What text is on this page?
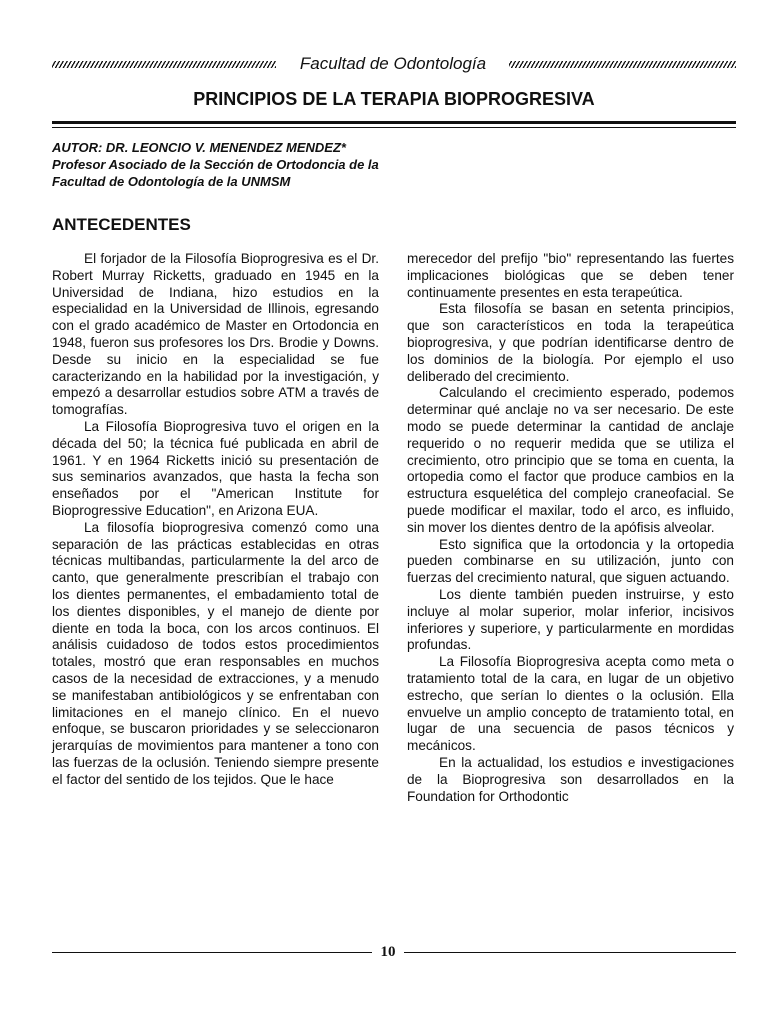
Facultad de Odontología
PRINCIPIOS DE LA TERAPIA BIOPROGRESIVA
AUTOR: DR. LEONCIO V. MENENDEZ MENDEZ*
Profesor Asociado de la Sección de Ortodoncia de la
Facultad de Odontología de la UNMSM
ANTECEDENTES

El forjador de la Filosofía Bioprogresiva es el Dr. Robert Murray Ricketts, graduado en 1945 en la Universidad de Indiana, hizo estudios en la especialidad en la Universidad de Illinois, egresando con el grado académico de Master en Ortodoncia en 1948, fueron sus profesores los Drs. Brodie y Downs. Desde su inicio en la especialidad se fue caracterizando en la habilidad por la investigación, y empezó a desarrollar estudios sobre ATM a través de tomografías.

La Filosofía Bioprogresiva tuvo el origen en la década del 50; la técnica fué publicada en abril de 1961. Y en 1964 Ricketts inició su presentación de sus seminarios avanzados, que hasta la fecha son enseñados por el "American Institute for Bioprogressive Education", en Arizona EUA.

La filosofía bioprogresiva comenzó como una separación de las prácticas establecidas en otras técnicas multibandas, particularmente la del arco de canto, que generalmente prescribían el trabajo con los dientes permanentes, el embadamiento total de los dientes disponibles, y el manejo de diente por diente en toda la boca, con los arcos continuos. El análisis cuidadoso de todos estos procedimientos totales, mostró que eran responsables en muchos casos de la necesidad de extracciones, y a menudo se manifestaban antibiológicos y se enfrentaban con limitaciones en el manejo clínico. En el nuevo enfoque, se buscaron prioridades y se seleccionaron jerarquías de movimientos para mantener a tono con las fuerzas de la oclusión. Teniendo siempre presente el factor del sentido de los tejidos. Que le hace

merecedor del prefijo "bio" representando las fuertes implicaciones biológicas que se deben tener continuamente presentes en esta terapeútica.

Esta filosofía se basan en setenta principios, que son característicos en toda la terapeútica bioprogresiva, y que podrían identificarse dentro de los dominios de la biología. Por ejemplo el uso deliberado del crecimiento.

Calculando el crecimiento esperado, podemos determinar qué anclaje no va ser necesario. De este modo se puede determinar la cantidad de anclaje requerido o no requerir medida que se utiliza el crecimiento, otro principio que se toma en cuenta, la ortopedia como el factor que produce cambios en la estructura esquelética del complejo craneofacial. Se puede modificar el maxilar, todo el arco, es influido, sin mover los dientes dentro de la apófisis alveolar.

Esto significa que la ortodoncia y la ortopedia pueden combinarse en su utilización, junto con fuerzas del crecimiento natural, que siguen actuando.

Los diente también pueden instruirse, y esto incluye al molar superior, molar inferior, incisivos inferiores y superiore, y particularmente en mordidas profundas.

La Filosofía Bioprogresiva acepta como meta o tratamiento total de la cara, en lugar de un objetivo estrecho, que serían lo dientes o la oclusión. Ella envuelve un amplio concepto de tratamiento total, en lugar de una secuencia de pasos técnicos y mecánicos.

En la actualidad, los estudios e investigaciones de la Bioprogresiva son desarrollados en la Foundation for Orthodontic

10
